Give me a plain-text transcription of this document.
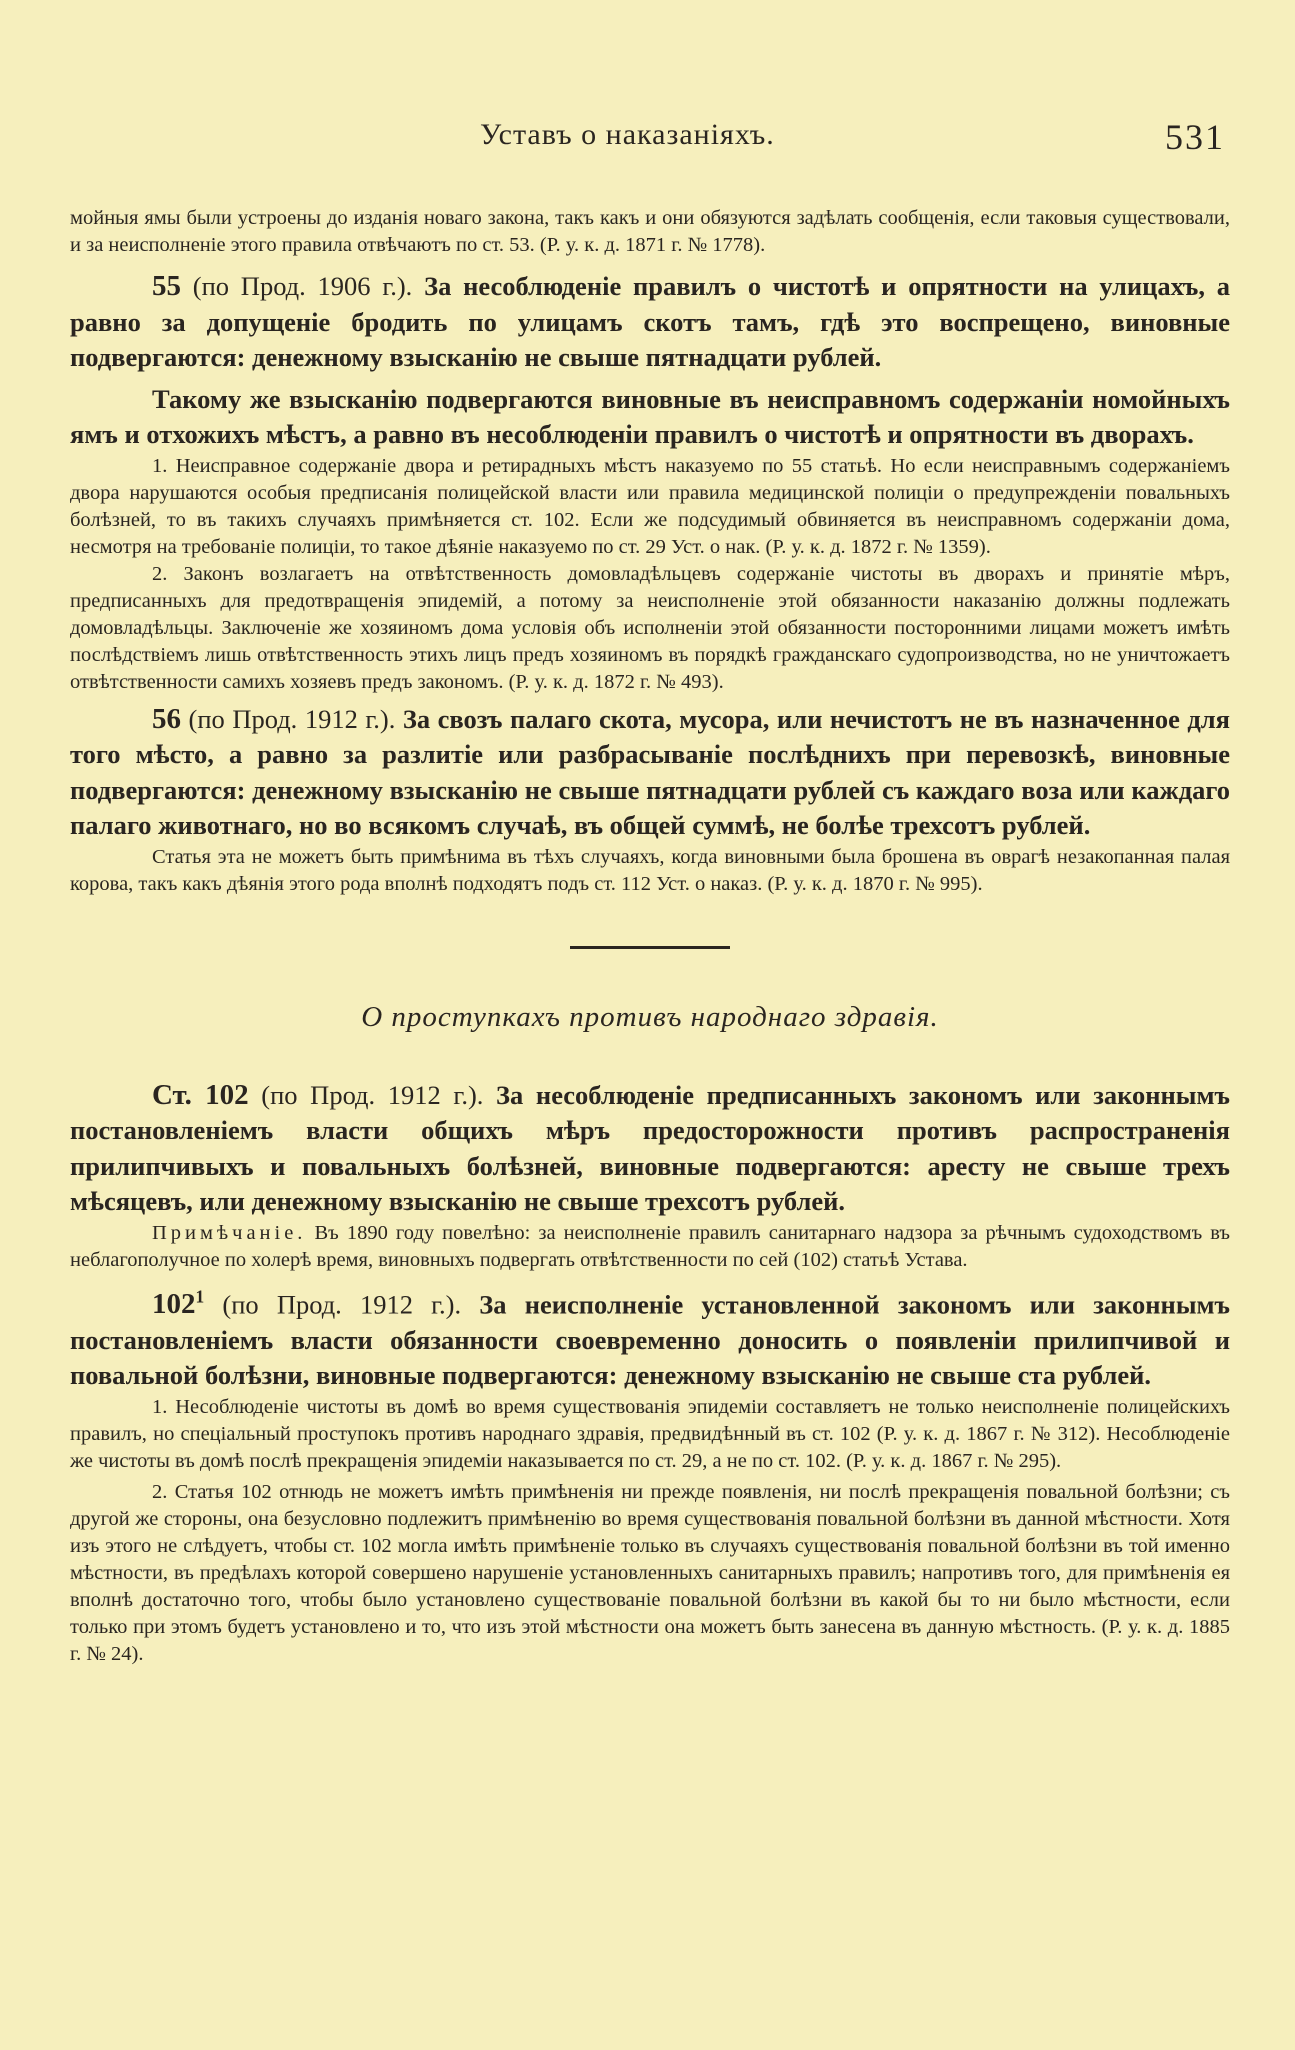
Уставъ о наказаніяхъ.	531

мойныя ямы были устроены до изданія новаго закона, такъ какъ и они обязуются задѣлать сообщенія, если таковыя существовали, и за неисполненіе этого правила отвѣчаютъ по ст. 53. (Р. у. к. д. 1871 г. № 1778).

55 (по Прод. 1906 г.). За несоблюденіе правилъ о чистотѣ и опрятности на улицахъ, а равно за допущеніе бродить по улицамъ скотъ тамъ, гдѣ это воспрещено, виновные подвергаются: денежному взысканію не свыше пятнадцати рублей.

Такому же взысканію подвергаются виновные въ неисправномъ содержаніи номойныхъ ямъ и отхожихъ мѣстъ, а равно въ несоблюденіи правилъ о чистотѣ и опрятности въ дворахъ.

1. Неисправное содержаніе двора и ретирадныхъ мѣстъ наказуемо по 55 статьѣ. Но если неисправнымъ содержаніемъ двора нарушаются особыя предписанія полицейской власти или правила медицинской полиціи о предупрежденіи повальныхъ болѣзней, то въ такихъ случаяхъ примѣняется ст. 102. Если же подсудимый обвиняется въ неисправномъ содержаніи дома, несмотря на требованіе полиціи, то такое дѣяніе наказуемо по ст. 29 Уст. о нак. (Р. у. к. д. 1872 г. № 1359).

2. Законъ возлагаетъ на отвѣтственность домовладѣльцевъ содержаніе чистоты въ дворахъ и принятіе мѣръ, предписанныхъ для предотвращенія эпидемій, а потому за неисполненіе этой обязанности наказанію должны подлежать домовладѣльцы. Заключеніе же хозяиномъ дома условія объ исполненіи этой обязанности посторонними лицами можетъ имѣть послѣдствіемъ лишь отвѣтственность этихъ лицъ предъ хозяиномъ въ порядкѣ гражданскаго судопроизводства, но не уничтожаетъ отвѣтственности самихъ хозяевъ предъ закономъ. (Р. у. к. д. 1872 г. № 493).

56 (по Прод. 1912 г.). За свозъ палаго скота, мусора, или нечистотъ не въ назначенное для того мѣсто, а равно за разлитіе или разбрасываніе послѣднихъ при перевозкѣ, виновные подвергаются: денежному взысканію не свыше пятнадцати рублей съ каждаго воза или каждаго палаго животнаго, но во всякомъ случаѣ, въ общей суммѣ, не болѣе трехсотъ рублей.

Статья эта не можетъ быть примѣнима въ тѣхъ случаяхъ, когда виновными была брошена въ оврагѣ незакопанная палая корова, такъ какъ дѣянія этого рода вполнѣ подходятъ подъ ст. 112 Уст. о наказ. (Р. у. к. д. 1870 г. № 995).

О проступкахъ противъ народнаго здравія.

Ст. 102 (по Прод. 1912 г.). За несоблюденіе предписанныхъ закономъ или законнымъ постановленіемъ власти общихъ мѣръ предосторожности противъ распространенія прилипчивыхъ и повальныхъ болѣзней, виновные подвергаются: аресту не свыше трехъ мѣсяцевъ, или денежному взысканію не свыше трехсотъ рублей.

Примѣчаніе. Въ 1890 году повелѣно: за неисполненіе правилъ санитарнаго надзора за рѣчнымъ судоходствомъ въ неблагополучное по холерѣ время, виновныхъ подвергать отвѣтственности по сей (102) статьѣ Устава.

$102^1$ (по Прод. 1912 г.). За неисполненіе установленной закономъ или законнымъ постановленіемъ власти обязанности своевременно доносить о появленіи прилипчивой и повальной болѣзни, виновные подвергаются: денежному взысканію не свыше ста рублей.

1. Несоблюденіе чистоты въ домѣ во время существованія эпидеміи составляетъ не только неисполненіе полицейскихъ правилъ, но спеціальный проступокъ противъ народнаго здравія, предвидѣнный въ ст. 102 (Р. у. к. д. 1867 г. № 312). Несоблюденіе же чистоты въ домѣ послѣ прекращенія эпидеміи наказывается по ст. 29, а не по ст. 102. (Р. у. к. д. 1867 г. № 295).

2. Статья 102 отнюдь не можетъ имѣть примѣненія ни прежде появленія, ни послѣ прекращенія повальной болѣзни; съ другой же стороны, она безусловно подлежитъ примѣненію во время существованія повальной болѣзни въ данной мѣстности. Хотя изъ этого не слѣдуетъ, чтобы ст. 102 могла имѣть примѣненіе только въ случаяхъ существованія повальной болѣзни въ той именно мѣстности, въ предѣлахъ которой совершено нарушеніе установленныхъ санитарныхъ правилъ; напротивъ того, для примѣненія ея вполнѣ достаточно того, чтобы было установлено существованіе повальной болѣзни въ какой бы то ни было мѣстности, если только при этомъ будетъ установлено и то, что изъ этой мѣстности она можетъ быть занесена въ данную мѣстность. (Р. у. к. д. 1885 г. № 24).
